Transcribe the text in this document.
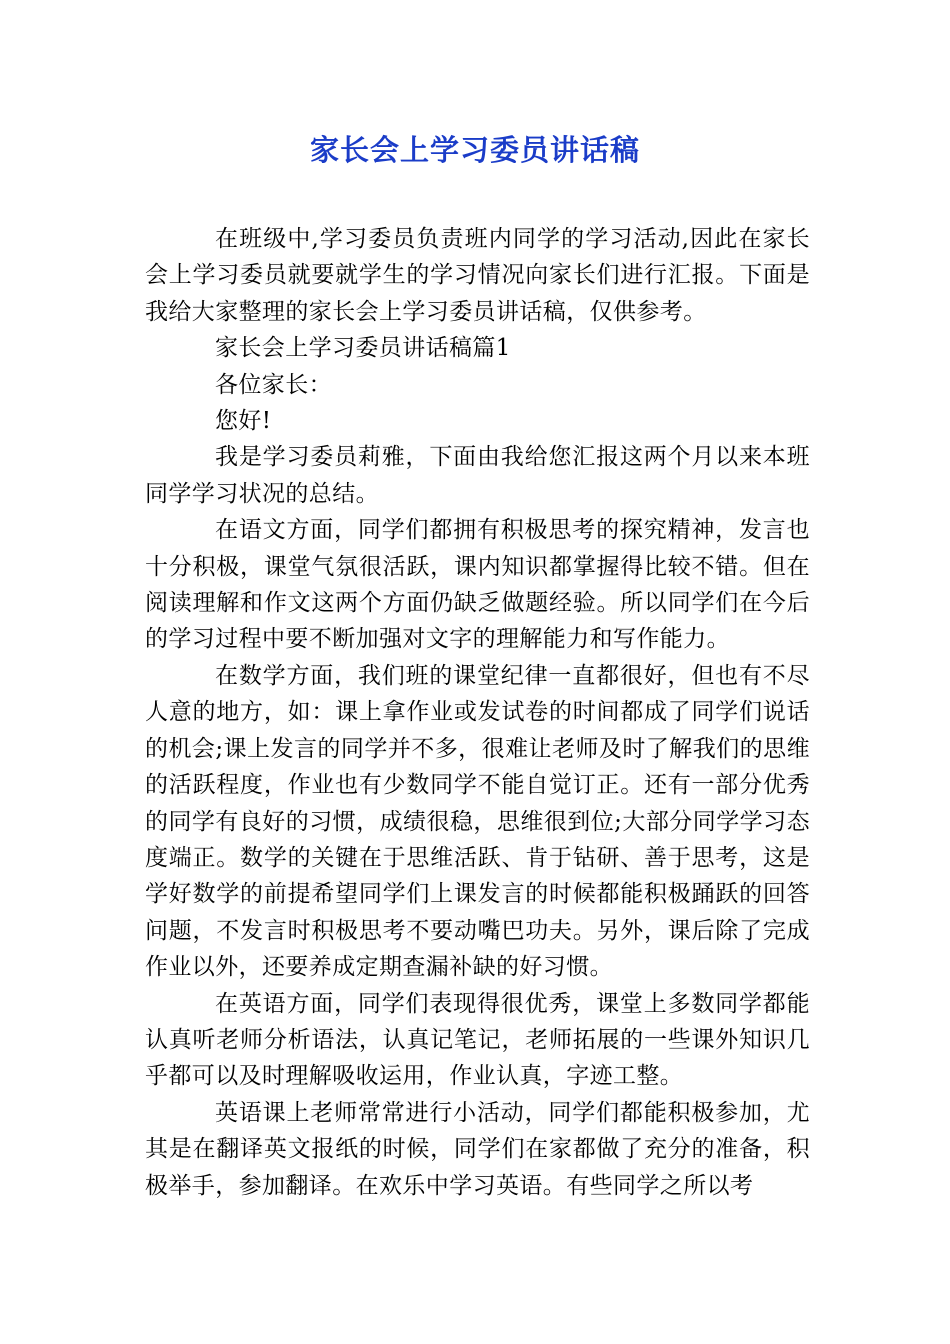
家长会上学习委员讲话稿

在班级中,学习委员负责班内同学的学习活动,因此在家长会上学习委员就要就学生的学习情况向家长们进行汇报。下面是我给大家整理的家长会上学习委员讲话稿，仅供参考。

家长会上学习委员讲话稿篇1

各位家长：

您好!

我是学习委员莉雅，下面由我给您汇报这两个月以来本班同学学习状况的总结。

在语文方面，同学们都拥有积极思考的探究精神，发言也十分积极，课堂气氛很活跃，课内知识都掌握得比较不错。但在阅读理解和作文这两个方面仍缺乏做题经验。所以同学们在今后的学习过程中要不断加强对文字的理解能力和写作能力。

在数学方面，我们班的课堂纪律一直都很好，但也有不尽人意的地方，如：课上拿作业或发试卷的时间都成了同学们说话的机会;课上发言的同学并不多，很难让老师及时了解我们的思维的活跃程度，作业也有少数同学不能自觉订正。还有一部分优秀的同学有良好的习惯，成绩很稳，思维很到位;大部分同学学习态度端正。数学的关键在于思维活跃、肯于钻研、善于思考，这是学好数学的前提希望同学们上课发言的时候都能积极踊跃的回答问题，不发言时积极思考不要动嘴巴功夫。另外，课后除了完成作业以外，还要养成定期查漏补缺的好习惯。

在英语方面，同学们表现得很优秀，课堂上多数同学都能认真听老师分析语法，认真记笔记，老师拓展的一些课外知识几乎都可以及时理解吸收运用，作业认真，字迹工整。

英语课上老师常常进行小活动，同学们都能积极参加，尤其是在翻译英文报纸的时候，同学们在家都做了充分的准备，积极举手，参加翻译。在欢乐中学习英语。有些同学之所以考
